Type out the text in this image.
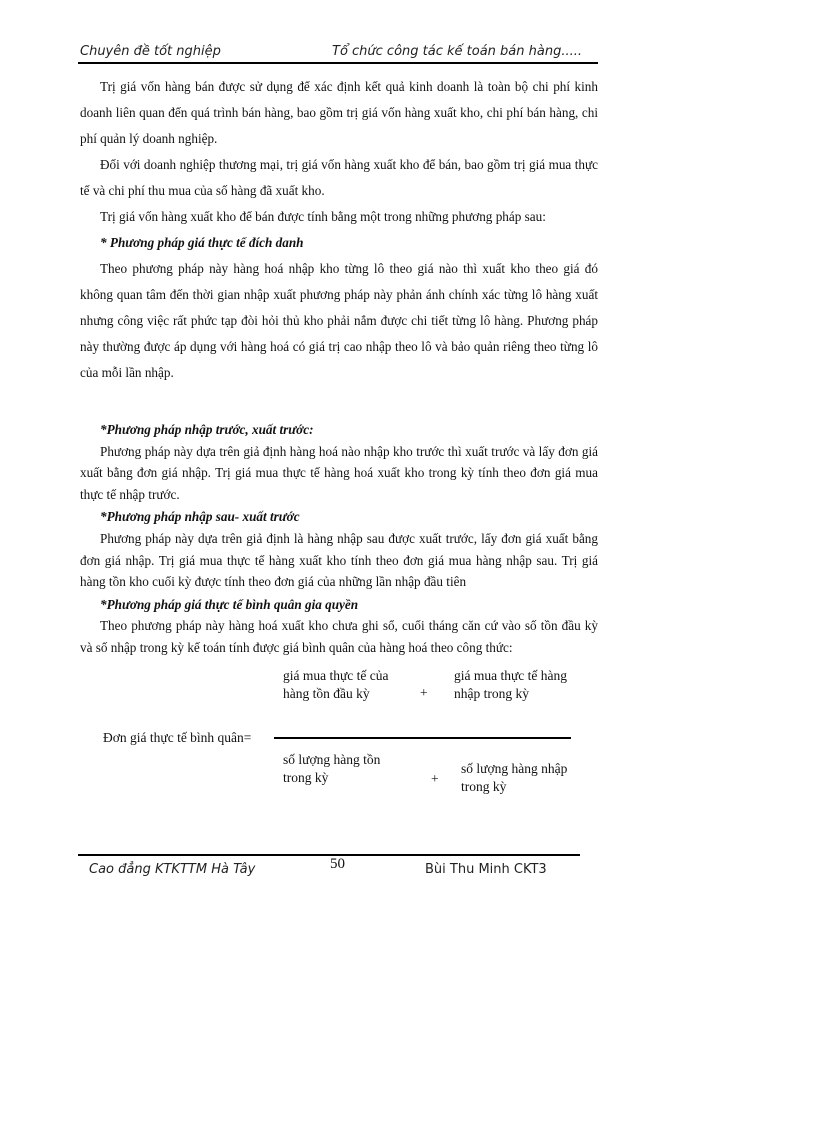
Chuyên đề tốt nghiệp	Tổ chức công tác kế toán bán hàng.....

Trị giá vốn hàng bán được sử dụng để xác định kết quả kinh doanh là toàn bộ chi phí kinh doanh liên quan đến quá trình bán hàng, bao gồm trị giá vốn hàng xuất kho, chi phí bán hàng, chi phí quản lý doanh nghiệp.

Đối với doanh nghiệp thương mại, trị giá vốn hàng xuất kho để bán, bao gồm trị giá mua thực tế và chi phí thu mua của số hàng đã xuất kho.

Trị giá vốn hàng xuất kho để bán được tính bằng một trong những phương pháp sau:

* Phương pháp giá thực tế đích danh

Theo phương pháp này hàng hoá nhập kho từng lô theo giá nào thì xuất kho theo giá đó không quan tâm đến thời gian nhập xuất phương pháp này phản ánh chính xác từng lô hàng xuất nhưng công việc rất phức tạp đòi hỏi thủ kho phải nắm được chi tiết từng lô hàng. Phương pháp này thường được áp dụng với hàng hoá có giá trị cao nhập theo lô và bảo quản riêng theo từng lô của mỗi lần nhập.

*Phương pháp nhập trước, xuất trước:

Phương pháp này dựa trên giả định hàng hoá nào nhập kho trước thì xuất trước và lấy đơn giá xuất bằng đơn giá nhập. Trị giá mua thực tế hàng hoá xuất kho trong kỳ tính theo đơn giá mua thực tế nhập trước.

*Phương pháp nhập sau- xuất trước

Phương pháp này dựa trên giả định là hàng nhập sau được xuất trước, lấy đơn giá xuất bằng đơn giá nhập. Trị giá mua thực tế hàng xuất kho tính theo đơn giá mua hàng nhập sau. Trị giá hàng tồn kho cuối kỳ được tính theo đơn giá của những lần nhập đầu tiên

*Phương pháp giá thực tế bình quân gia quyền

Theo phương pháp này hàng hoá xuất kho chưa ghi sổ, cuối tháng căn cứ vào số tồn đầu kỳ và số nhập trong kỳ kế toán tính được giá bình quân của hàng hoá theo công thức:

Đơn giá thực tế bình quân=
giá mua thực tế của hàng tồn đầu kỳ	+
giá mua thực tế hàng nhập trong kỳ
số lượng hàng tồn trong kỳ	+
số lượng hàng nhập trong kỳ
50
Cao đẳng KTKTTM Hà Tây	Bùi Thu Minh CKT3
